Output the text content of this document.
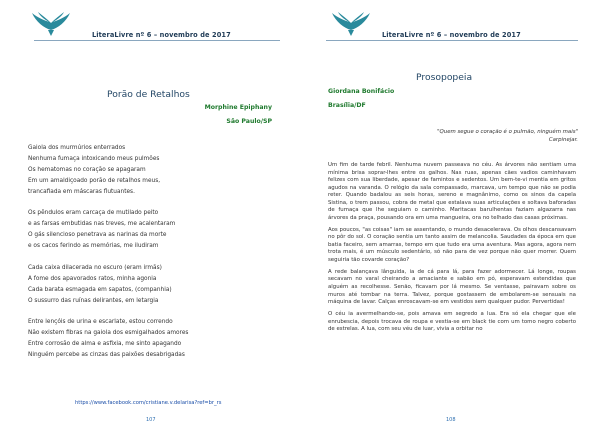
LiteraLivre nº 6 – novembro de 2017
Porão de Retalhos
Morphine Epiphany
São Paulo/SP
Gaiola dos murmúrios enterrados
Nenhuma fumaça intoxicando meus pulmões
Os hematomas no coração se apagaram
Em um amaldiçoado porão de retalhos meus,
trancafiada em máscaras flutuantes.
Os pêndulos eram carcaça de mutilado peito
e as farsas embutidas nas treves, me acalentaram
O gás silencioso penetrava as narinas da morte
e os cacos ferindo as memórias, me iludiram
Cada caixa dilacerada no escuro (eram irmãs)
A fome dos apavorados ratos, minha agonia
Cada barata esmagada em sapatos, (companhia)
O sussurro das ruínas delirantes, em letargia
Entre lençóis de urina e escarlate, estou correndo
Não existem fibras na gaiola dos esmigalhados amores
Entre corrosão de alma e asfixia, me sinto apagando
Ninguém percebe as cinzas das paixões desabrigadas
https://www.facebook.com/cristiane.v.delarisa?ref=br_rs
107
LiteraLivre nº 6 – novembro de 2017
Prosopopeia
Giordana Bonifácio
Brasília/DF
"Quem segue o coração é o pulmão, ninguém mais"
Carpinejar.

Um fim de tarde febril. Nenhuma nuvem passeava no céu. As árvores não sentiam uma mínima brisa soprar-lhes entre os galhos. Nas ruas, apenas cães vadios caminhavam felizes com sua liberdade, apesar de famintos e sedentos. Um bem-te-vi mentia em gritos agudos na varanda. O relógio da sala compassado, marcava, um tempo que não se podia reter. Quando badalou as seis horas, sereno e magnânimo, como os sinos da capela Sistina, o trem passou, cobra de metal que estalava suas articulações e soltava baforadas de fumaça que lhe seguiam o caminho. Maritacas barulhentas faziam algazarra nas árvores da praça, pousando ora em uma mangueira, ora no telhado das casas próximas.

Aos poucos, "as coisas" iam se assentando, o mundo desacelerava. Os olhos descansavam no pôr do sol. O coração sentia um tanto assim de melancolia. Saudades da época em que batia faceiro, sem amarras, tempo em que tudo era uma aventura. Mas agora, agora nem trota mais, é um músculo sedentário, só não para de vez porque não quer morrer. Quem seguiria tão covarde coração?

A rede balançava lânguida, ia de cá para lá, para fazer adormecer. Lá longe, roupas secavam no varal cheirando a amaciante e sabão em pó, esperavam estendidas que alguém as recolhesse. Senão, ficavam por lá mesmo. Se ventasse, pairavam sobre os muros até tombar na terra. Talvez, porque gostassem de embolarem-se sensuais na máquina de lavar. Calças enroscavam-se em vestidos sem qualquer pudor. Pervertidas!

O céu ia avermelhando-se, pois amava em segredo a lua. Era só ela chegar que ele enrubescia, depois trocava de roupa e vestia-se em black tie com um tomo negro coberto de estrelas. A lua, com seu véu de luar, vivia a orbitar no

108
